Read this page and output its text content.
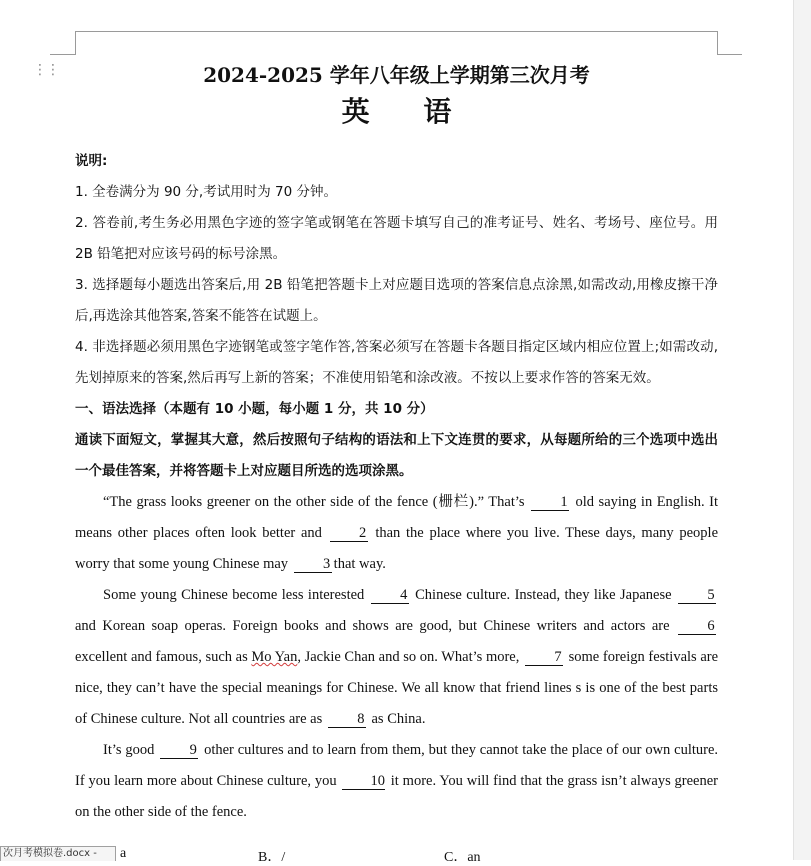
⋮⋮	2024-2025 学年八年级上学期第三次月考
英 语
说明:
1. 全卷满分为 90 分,考试用时为 70 分钟。
2. 答卷前,考生务必用黑色字迹的签字笔或钢笔在答题卡填写自己的准考证号、姓名、考场号、座位号。用2B 铅笔把对应该号码的标号涂黑。
3. 选择题每小题选出答案后,用 2B 铅笔把答题卡上对应题目选项的答案信息点涂黑,如需改动,用橡皮擦干净后,再选涂其他答案,答案不能答在试题上。
4. 非选择题必须用黑色字迹钢笔或签字笔作答,答案必须写在答题卡各题目指定区域内相应位置上;如需改动,先划掉原来的答案,然后再写上新的答案；不准使用铅笔和涂改液。不按以上要求作答的答案无效。
一、语法选择（本题有 10 小题，每小题 1 分，共 10 分）
通读下面短文，掌握其大意，然后按照句子结构的语法和上下文连贯的要求，从每题所给的三个选项中选出一个最佳答案，并将答题卡上对应题目所选的选项涂黑。

“The grass looks greener on the other side of the fence (栅栏).” That’s 1 old saying in English. It means other places often look better and	2 than the place where you live. These days, many people worry that some young Chinese may 3 that way.

Some young Chinese become less interested 4 Chinese culture. Instead, they like Japanese 5 and Korean soap operas. Foreign books and shows are good, but Chinese writers and actors are	6 excellent and famous, such as Mo Yan, Jackie Chan and so on. What’s more, 7 some foreign festivals are nice, they can’t have the special meanings for Chinese. We all know that friend lines s is one of the best parts of Chinese culture. Not all countries are as 8 as China.

It’s good 9 other cultures and to learn from them, but they cannot take the place of our own culture. If you learn more about Chinese culture, you 10 it more. You will find that the grass isn’t always greener on the other side of the fence.

a	B．/	C．an
次月考模拟卷.docx -
